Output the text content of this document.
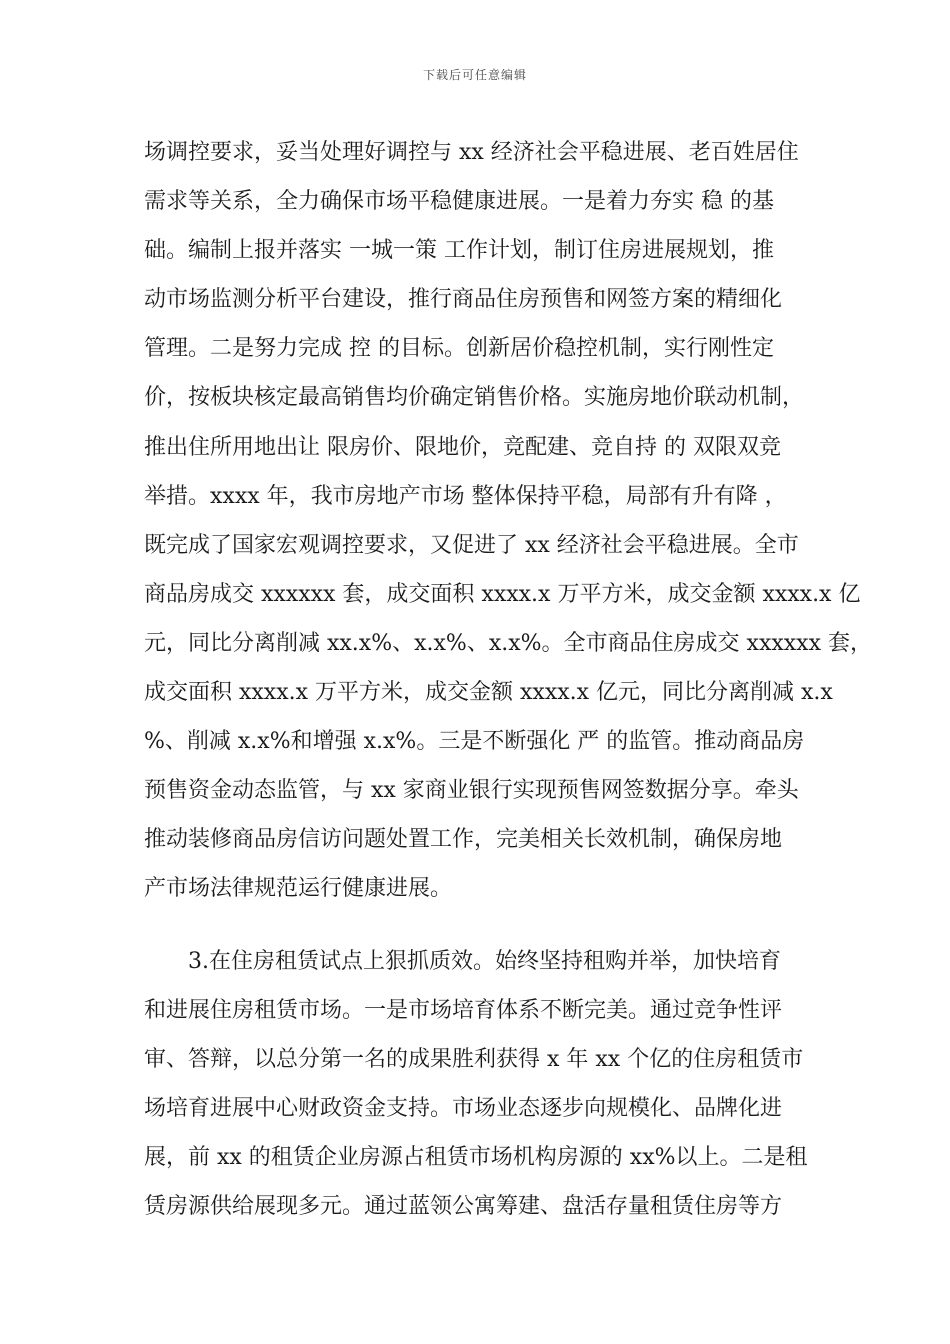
下载后可任意编辑
场调控要求，妥当处理好调控与 xx 经济社会平稳进展、老百姓居住
需求等关系，全力确保市场平稳健康进展。一是着力夯实 稳 的基
础。编制上报并落实 一城一策 工作计划，制订住房进展规划，推
动市场监测分析平台建设，推行商品住房预售和网签方案的精细化
管理。二是努力完成 控 的目标。创新居价稳控机制，实行刚性定
价，按板块核定最高销售均价确定销售价格。实施房地价联动机制，
推出住所用地出让 限房价、限地价，竞配建、竞自持 的 双限双竞
举措。xxxx 年，我市房地产市场 整体保持平稳，局部有升有降 ，
既完成了国家宏观调控要求，又促进了 xx 经济社会平稳进展。全市
商品房成交 xxxxxx 套，成交面积 xxxx.x 万平方米，成交金额 xxxx.x 亿
元，同比分离削减 xx.x%、x.x%、x.x%。全市商品住房成交 xxxxxx 套，
成交面积 xxxx.x 万平方米，成交金额 xxxx.x 亿元，同比分离削减 x.x
%、削减 x.x%和增强 x.x%。三是不断强化 严 的监管。推动商品房
预售资金动态监管，与 xx 家商业银行实现预售网签数据分享。牵头
推动装修商品房信访问题处置工作，完美相关长效机制，确保房地
产市场法律规范运行健康进展。
3.在住房租赁试点上狠抓质效。始终坚持租购并举，加快培育
和进展住房租赁市场。一是市场培育体系不断完美。通过竞争性评
审、答辩，以总分第一名的成果胜利获得 x 年 xx 个亿的住房租赁市
场培育进展中心财政资金支持。市场业态逐步向规模化、品牌化进
展，前 xx 的租赁企业房源占租赁市场机构房源的 xx%以上。二是租
赁房源供给展现多元。通过蓝领公寓筹建、盘活存量租赁住房等方
